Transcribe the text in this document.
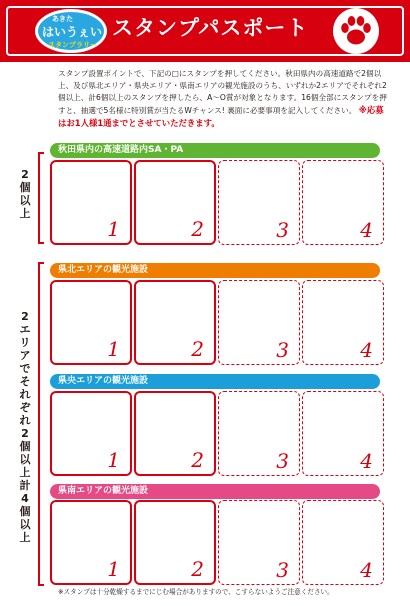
あきた
はいうぇい
スタンプラリー
スタンプパスポート
スタンプ設置ポイントで、下記の□にスタンプを押してください。秋田県内の高速道路で2個以上、及び県北エリア・県央エリア・県南エリアの観光施設のうち、いずれか2エリアでそれぞれ2個以上、計6個以上のスタンプを押したら、A～O賞が対象となります。16個全部にスタンプを押すと、抽選で5名様に特別賞が当たるWチャンス! 裏面に必要事項を記入してください。 ※応募はお1人様1通までとさせていただきます。
2個以上
2エリアでそれぞれ2個以上 計4個以上
秋田県内の高速道路内SA・PA
1	2	3	4
県北エリアの観光施設
1	2	3	4
県央エリアの観光施設
1	2	3	4
県南エリアの観光施設
1	2	3	4
※スタンプは十分乾燥するまでにじむ場合がありますので、こすらないようご注意ください。
